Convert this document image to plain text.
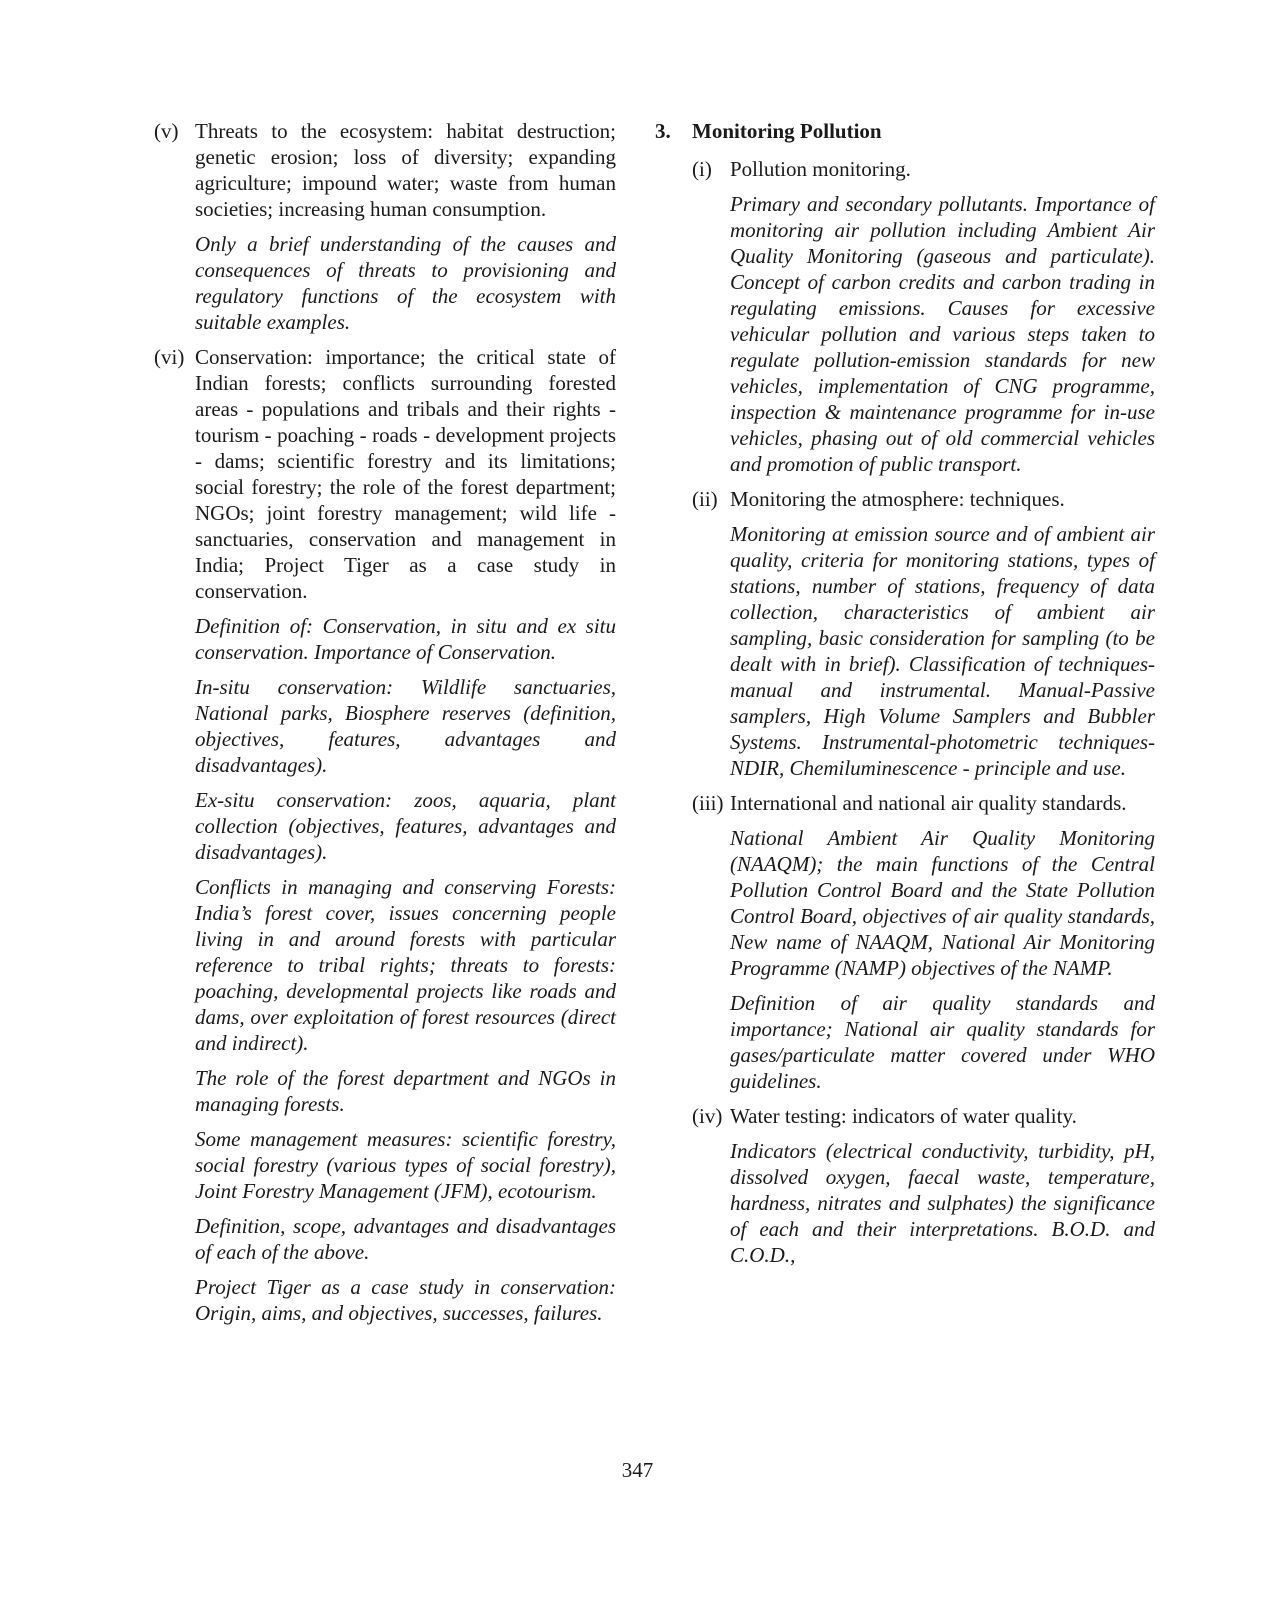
(v) Threats to the ecosystem: habitat destruction; genetic erosion; loss of diversity; expanding agriculture; impound water; waste from human societies; increasing human consumption.

Only a brief understanding of the causes and consequences of threats to provisioning and regulatory functions of the ecosystem with suitable examples.

(vi) Conservation: importance; the critical state of Indian forests; conflicts surrounding forested areas - populations and tribals and their rights - tourism - poaching - roads - development projects - dams; scientific forestry and its limitations; social forestry; the role of the forest department; NGOs; joint forestry management; wild life - sanctuaries, conservation and management in India; Project Tiger as a case study in conservation.

Definition of: Conservation, in situ and ex situ conservation. Importance of Conservation.

In-situ conservation: Wildlife sanctuaries, National parks, Biosphere reserves (definition, objectives, features, advantages and disadvantages).

Ex-situ conservation: zoos, aquaria, plant collection (objectives, features, advantages and disadvantages).

Conflicts in managing and conserving Forests: India’s forest cover, issues concerning people living in and around forests with particular reference to tribal rights; threats to forests: poaching, developmental projects like roads and dams, over exploitation of forest resources (direct and indirect).

The role of the forest department and NGOs in managing forests.

Some management measures: scientific forestry, social forestry (various types of social forestry), Joint Forestry Management (JFM), ecotourism.

Definition, scope, advantages and disadvantages of each of the above.

Project Tiger as a case study in conservation: Origin, aims, and objectives, successes, failures.

3.	Monitoring Pollution
(i) Pollution monitoring.

Primary and secondary pollutants. Importance of monitoring air pollution including Ambient Air Quality Monitoring (gaseous and particulate). Concept of carbon credits and carbon trading in regulating emissions. Causes for excessive vehicular pollution and various steps taken to regulate pollution-emission standards for new vehicles, implementation of CNG programme, inspection & maintenance programme for in-use vehicles, phasing out of old commercial vehicles and promotion of public transport.

(ii) Monitoring the atmosphere: techniques.

Monitoring at emission source and of ambient air quality, criteria for monitoring stations, types of stations, number of stations, frequency of data collection, characteristics of ambient air sampling, basic consideration for sampling (to be dealt with in brief). Classification of techniques- manual and instrumental. Manual-Passive samplers, High Volume Samplers and Bubbler Systems. Instrumental-photometric techniques-NDIR, Chemiluminescence - principle and use.

(iii) International and national air quality standards.

National Ambient Air Quality Monitoring (NAAQM); the main functions of the Central Pollution Control Board and the State Pollution Control Board, objectives of air quality standards, New name of NAAQM, National Air Monitoring Programme (NAMP) objectives of the NAMP.

Definition of air quality standards and importance; National air quality standards for gases/particulate matter covered under WHO guidelines.

(iv) Water testing: indicators of water quality.

Indicators (electrical conductivity, turbidity, pH, dissolved oxygen, faecal waste, temperature, hardness, nitrates and sulphates) the significance of each and their interpretations. B.O.D. and C.O.D.,

347
